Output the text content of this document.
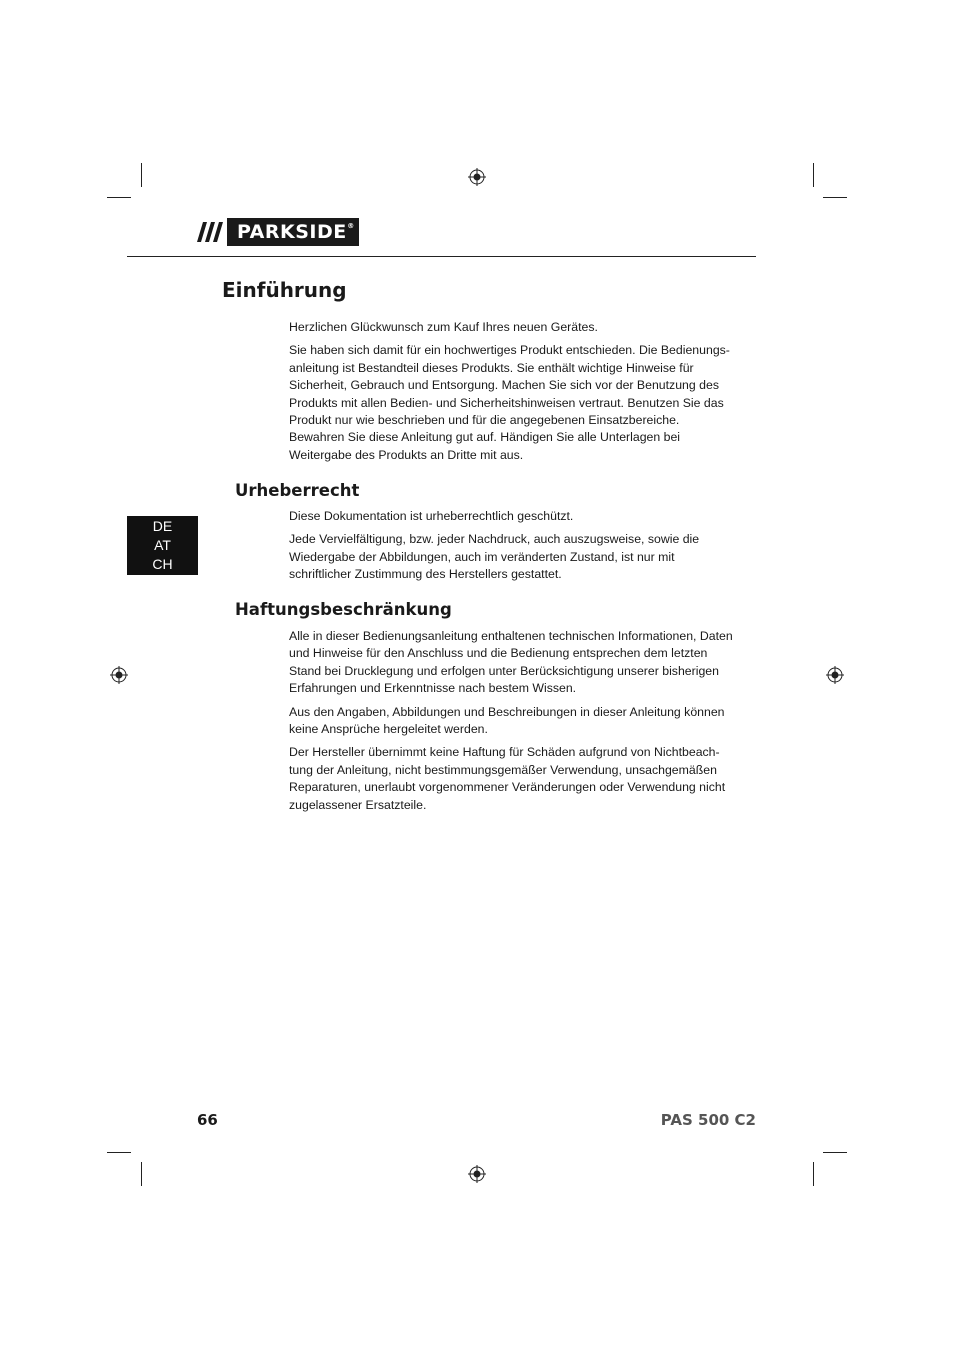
PARKSIDE ®
Einführung

Herzlichen Glückwunsch zum Kauf Ihres neuen Gerätes.

Sie haben sich damit für ein hochwertiges Produkt entschieden. Die Bedienungs-anleitung ist Bestandteil dieses Produkts. Sie enthält wichtige Hinweise für Sicherheit, Gebrauch und Entsorgung. Machen Sie sich vor der Benutzung des Produkts mit allen Bedien- und Sicherheitshinweisen vertraut. Benutzen Sie das Produkt nur wie beschrieben und für die angegebenen Einsatzbereiche. Bewahren Sie diese Anleitung gut auf. Händigen Sie alle Unterlagen bei Weitergabe des Produkts an Dritte mit aus.

Urheberrecht

Diese Dokumentation ist urheberrechtlich geschützt.

Jede Vervielfältigung, bzw. jeder Nachdruck, auch auszugsweise, sowie die Wiedergabe der Abbildungen, auch im veränderten Zustand, ist nur mit schriftlicher Zustimmung des Herstellers gestattet.

DE
AT
CH
Haftungsbeschränkung

Alle in dieser Bedienungsanleitung enthaltenen technischen Informationen, Daten und Hinweise für den Anschluss und die Bedienung entsprechen dem letzten Stand bei Drucklegung und erfolgen unter Berücksichtigung unserer bisherigen Erfahrungen und Erkenntnisse nach bestem Wissen.

Aus den Angaben, Abbildungen und Beschreibungen in dieser Anleitung können keine Ansprüche hergeleitet werden.

Der Hersteller übernimmt keine Haftung für Schäden aufgrund von Nichtbeach-tung der Anleitung, nicht bestimmungsgemäßer Verwendung, unsachgemäßen Reparaturen, unerlaubt vorgenommener Veränderungen oder Verwendung nicht zugelassener Ersatzteile.

66	PAS 500 C2
